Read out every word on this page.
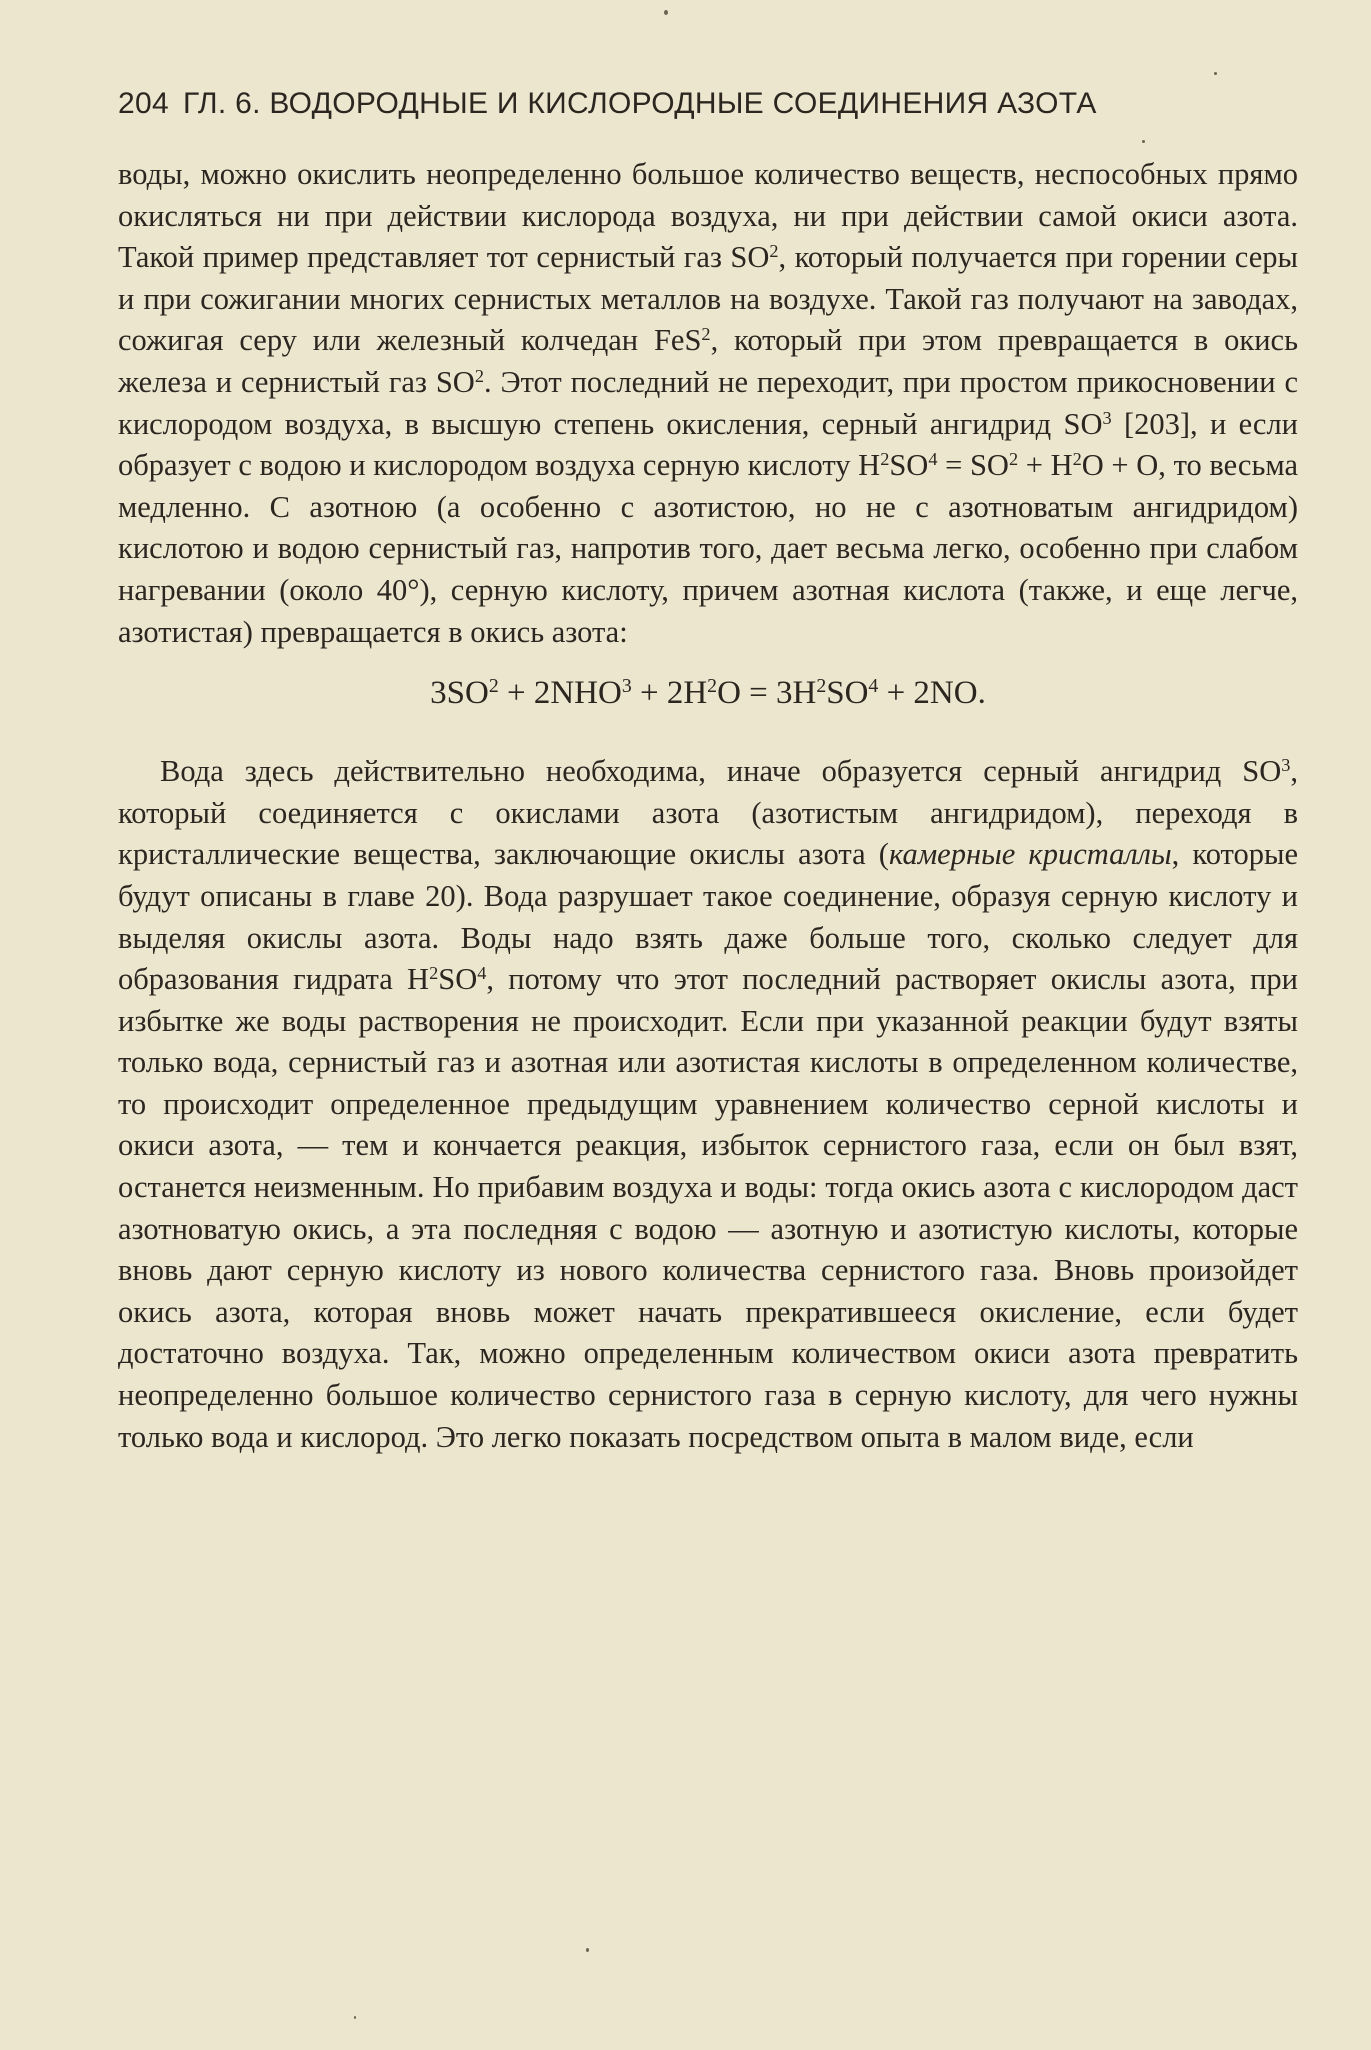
204 ГЛ. 6. ВОДОРОДНЫЕ И КИСЛОРОДНЫЕ СОЕДИНЕНИЯ АЗОТА

воды, можно окислить неопределенно большое количество веществ, неспособных прямо окисляться ни при действии кислорода воздуха, ни при действии самой окиси азота. Такой пример представляет тот сернистый газ $SO^2$, который получается при горении серы и при сожигании многих сернистых металлов на воздухе. Такой газ получают на заводах, сожигая серу или железный колчедан FeS$^2$, который при этом превращается в окись железа и сернистый газ $SO^2$. Этот последний не переходит, при простом прикосновении с кислородом воздуха, в высшую степень окисления, серный ангидрид $SO^3$ [203], и если образует с водою и кислородом воздуха серную кислоту $H^2SO^4 = SO^2 + H^2O + O$, то весьма медленно. С азотною (а особенно с азотистою, но не с азотноватым ангидридом) кислотою и водою сернистый газ, напротив того, дает весьма легко, особенно при слабом нагревании (около 40°), серную кислоту, причем азотная кислота (также, и еще легче, азотистая) превращается в окись азота:

$3SO^2 + 2NHO^3 + 2H^2O = 3H^2SO^4 + 2NO$.

Вода здесь действительно необходима, иначе образуется серный ангидрид $SO^3$, который соединяется с окислами азота (азотистым ангидридом), переходя в кристаллические вещества, заключающие окислы азота (камерные кристаллы, которые будут описаны в главе 20). Вода разрушает такое соединение, образуя серную кислоту и выделяя окислы азота. Воды надо взять даже больше того, сколько следует для образования гидрата $H^2SO^4$, потому что этот последний растворяет окислы азота, при избытке же воды растворения не происходит. Если при указанной реакции будут взяты только вода, сернистый газ и азотная или азотистая кислоты в определенном количестве, то происходит определенное предыдущим уравнением количество серной кислоты и окиси азота, — тем и кончается реакция, избыток сернистого газа, если он был взят, останется неизменным. Но прибавим воздуха и воды: тогда окись азота с кислородом даст азотноватую окись, а эта последняя с водою — азотную и азотистую кислоты, которые вновь дают серную кислоту из нового количества сернистого газа. Вновь произойдет окись азота, которая вновь может начать прекратившееся окисление, если будет достаточно воздуха. Так, можно определенным количеством окиси азота превратить неопределенно большое количество сернистого газа в серную кислоту, для чего нужны только вода и кислород. Это легко показать посредством опыта в малом виде, если
